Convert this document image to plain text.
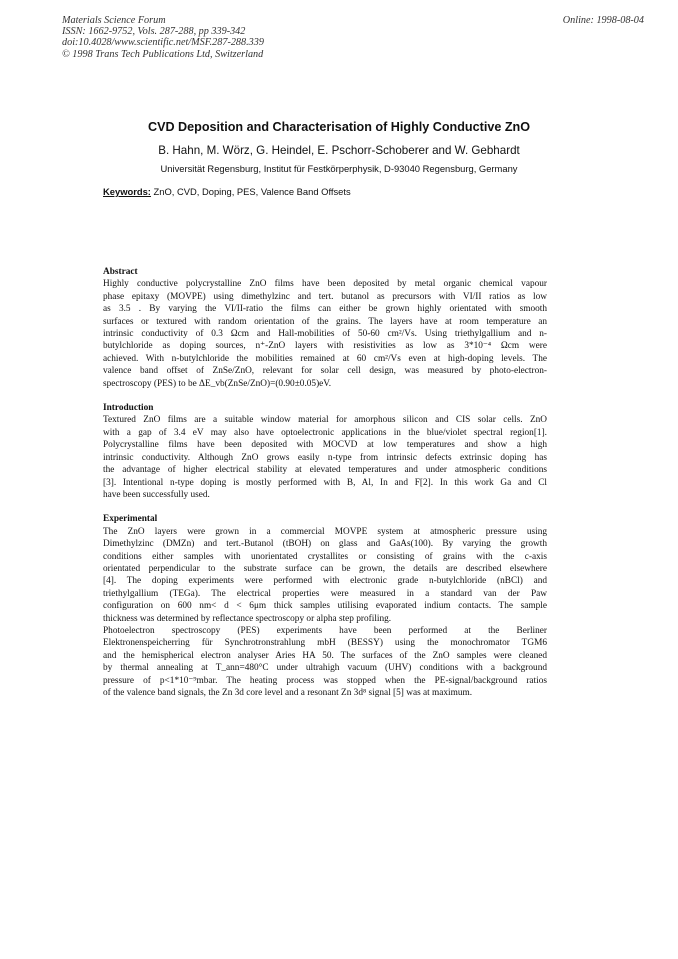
Materials Science Forum
ISSN: 1662-9752, Vols. 287-288, pp 339-342
doi:10.4028/www.scientific.net/MSF.287-288.339
© 1998 Trans Tech Publications Ltd, Switzerland
Online: 1998-08-04
CVD Deposition and Characterisation of Highly Conductive ZnO
B. Hahn, M. Wörz, G. Heindel, E. Pschorr-Schoberer and W. Gebhardt
Universität Regensburg, Institut für Festkörperphysik, D-93040 Regensburg, Germany
Keywords: ZnO, CVD, Doping, PES, Valence Band Offsets
Abstract
Highly conductive polycrystalline ZnO films have been deposited by metal organic chemical vapour
phase epitaxy (MOVPE) using dimethylzinc and tert. butanol as precursors with VI/II ratios as low
as 3.5 . By varying the VI/II-ratio the films can either be grown highly orientated with smooth
surfaces or textured with random orientation of the grains. The layers have at room temperature an
intrinsic conductivity of 0.3 Ωcm and Hall-mobilities of 50-60 cm²/Vs. Using triethylgallium and n-
butylchloride as doping sources, n⁺-ZnO layers with resistivities as low as 3*10⁻⁴ Ωcm were
achieved. With n-butylchloride the mobilities remained at 60 cm²/Vs even at high-doping levels. The
valence band offset of ZnSe/ZnO, relevant for solar cell design, was measured by photo-electron-
spectroscopy (PES) to be ΔE_vb(ZnSe/ZnO)=(0.90±0.05)eV.
Introduction
Textured ZnO films are a suitable window material for amorphous silicon and CIS solar cells. ZnO
with a gap of 3.4 eV may also have optoelectronic applications in the blue/violet spectral region[1].
Polycrystalline films have been deposited with MOCVD at low temperatures and show a high
intrinsic conductivity. Although ZnO grows easily n-type from intrinsic defects extrinsic doping has
the advantage of higher electrical stability at elevated temperatures and under atmospheric conditions
[3]. Intentional n-type doping is mostly performed with B, Al, In and F[2]. In this work Ga and Cl
have been successfully used.
Experimental
The ZnO layers were grown in a commercial MOVPE system at atmospheric pressure using
Dimethylzinc (DMZn) and tert.-Butanol (tBOH) on glass and GaAs(100). By varying the growth
conditions either samples with unorientated crystallites or consisting of grains with the c-axis
orientated perpendicular to the substrate surface can be grown, the details are described elsewhere
[4]. The doping experiments were performed with electronic grade n-butylchloride (nBCl) and
triethylgallium (TEGa). The electrical properties were measured in a standard van der Paw
configuration on 600 nm< d < 6μm thick samples utilising evaporated indium contacts. The sample
thickness was determined by reflectance spectroscopy or alpha step profiling.
Photoelectron spectroscopy (PES) experiments have been performed at the Berliner
Elektronenspeicherring für Synchrotronstrahlung mbH (BESSY) using the monochromator TGM6
and the hemispherical electron analyser Aries HA 50. The surfaces of the ZnO samples were cleaned
by thermal annealing at T_ann=480°C under ultrahigh vacuum (UHV) conditions with a background
pressure of p<1*10⁻⁹mbar. The heating process was stopped when the PE-signal/background ratios
of the valence band signals, the Zn 3d core level and a resonant Zn 3d⁸ signal [5] was at maximum.
